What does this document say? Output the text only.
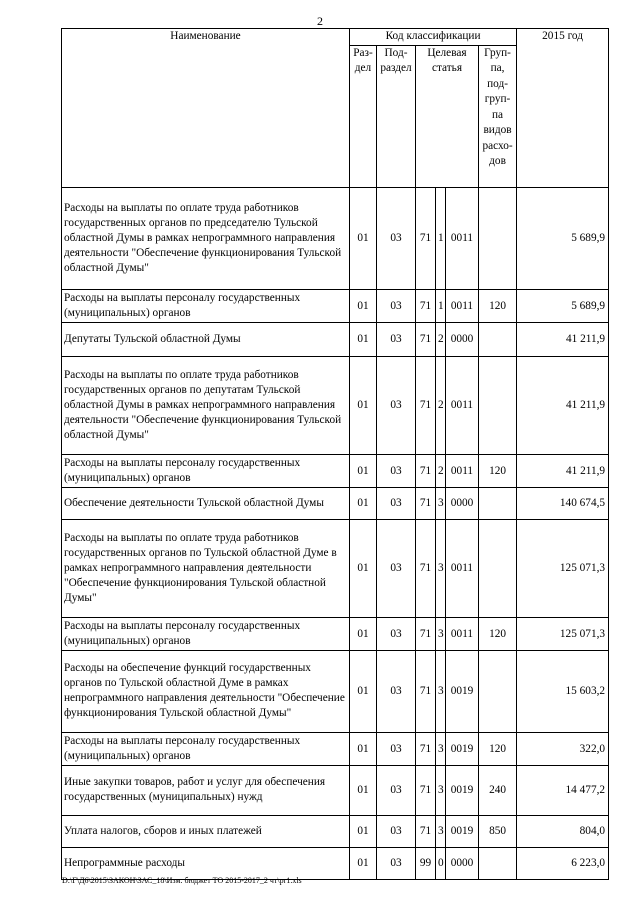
2
Наименование	Код классификации						2015 год
	Раз-дел	Под-раздел	Целевая статья			Груп-па, под-груп-па видов расхо-дов	
Расходы на выплаты по оплате труда работников государственных органов по председателю Тульской областной Думы в рамках непрограммного направления деятельности "Обеспечение функционирования Тульской областной Думы"	01	03	71	1	0011		5 689,9
Расходы на выплаты персоналу государственных (муниципальных) органов	01	03	71	1	0011	120	5 689,9
Депутаты Тульской областной Думы	01	03	71	2	0000		41 211,9
Расходы на выплаты по оплате труда работников государственных органов по депутатам Тульской областной Думы в рамках непрограммного направления деятельности "Обеспечение функционирования Тульской областной Думы"	01	03	71	2	0011		41 211,9
Расходы на выплаты персоналу государственных (муниципальных) органов	01	03	71	2	0011	120	41 211,9
Обеспечение деятельности Тульской областной Думы	01	03	71	3	0000		140 674,5
Расходы на выплаты по оплате труда работников государственных органов по Тульской областной Думе в рамках непрограммного направления деятельности "Обеспечение функционирования Тульской областной Думы"	01	03	71	3	0011		125 071,3
Расходы на выплаты персоналу государственных (муниципальных) органов	01	03	71	3	0011	120	125 071,3
Расходы на обеспечение функций государственных органов по Тульской областной Думе в рамках непрограммного направления деятельности "Обеспечение функционирования Тульской областной Думы"	01	03	71	3	0019		15 603,2
Расходы на выплаты персоналу государственных (муниципальных) органов	01	03	71	3	0019	120	322,0
Иные закупки товаров, работ и услуг для обеспечения государственных (муниципальных) нужд	01	03	71	3	0019	240	14 477,2
Уплата налогов, сборов и иных платежей	01	03	71	3	0019	850	804,0
Непрограммные расходы	01	03	99	0	0000		6 223,0
D:\Г\Д6\2015\ЗАКОН\ЗАС_18\Изм. бюджет ТО 2015-2017_2 чт\pr1.xls
